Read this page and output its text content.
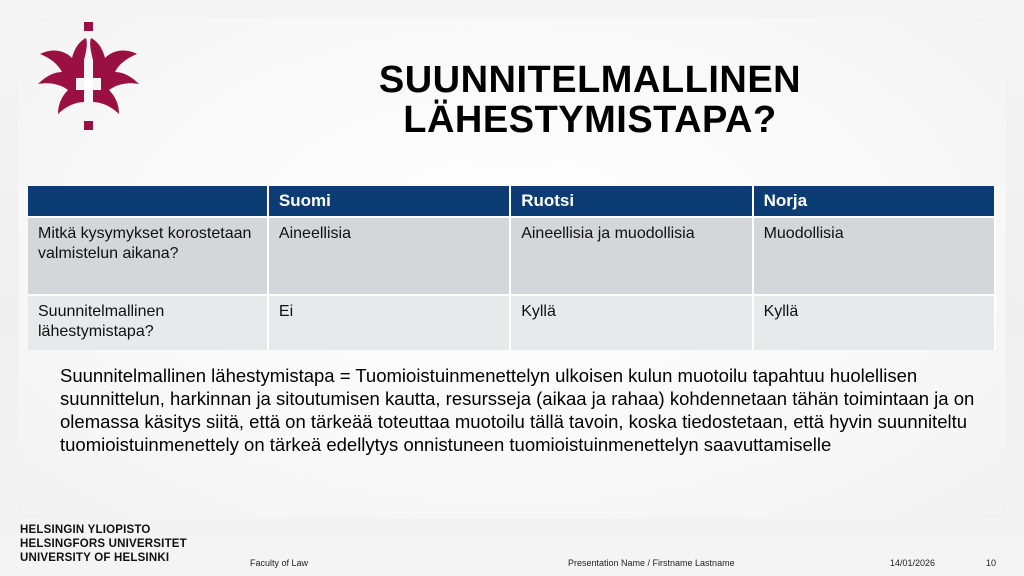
SUUNNITELMALLINEN LÄHESTYMISTAPA?
	Suomi	Ruotsi	Norja
Mitkä kysymykset korostetaan valmistelun aikana?	Aineellisia	Aineellisia ja muodollisia	Muodollisia
Suunnitelmallinen lähestymistapa?	Ei	Kyllä	Kyllä
Suunnitelmallinen lähestymistapa = Tuomioistuinmenettelyn ulkoisen kulun muotoilu tapahtuu huolellisen suunnittelun, harkinnan ja sitoutumisen kautta, resursseja (aikaa ja rahaa) kohdennetaan tähän toimintaan ja on olemassa käsitys siitä, että on tärkeää toteuttaa muotoilu tällä tavoin, koska tiedostetaan, että hyvin suunniteltu tuomioistuinmenettely on tärkeä edellytys onnistuneen tuomioistuinmenettelyn saavuttamiselle
HELSINGIN YLIOPISTO
HELSINGFORS UNIVERSITET
UNIVERSITY OF HELSINKI	Faculty of Law	Presentation Name / Firstname Lastname	14/01/2026	10
